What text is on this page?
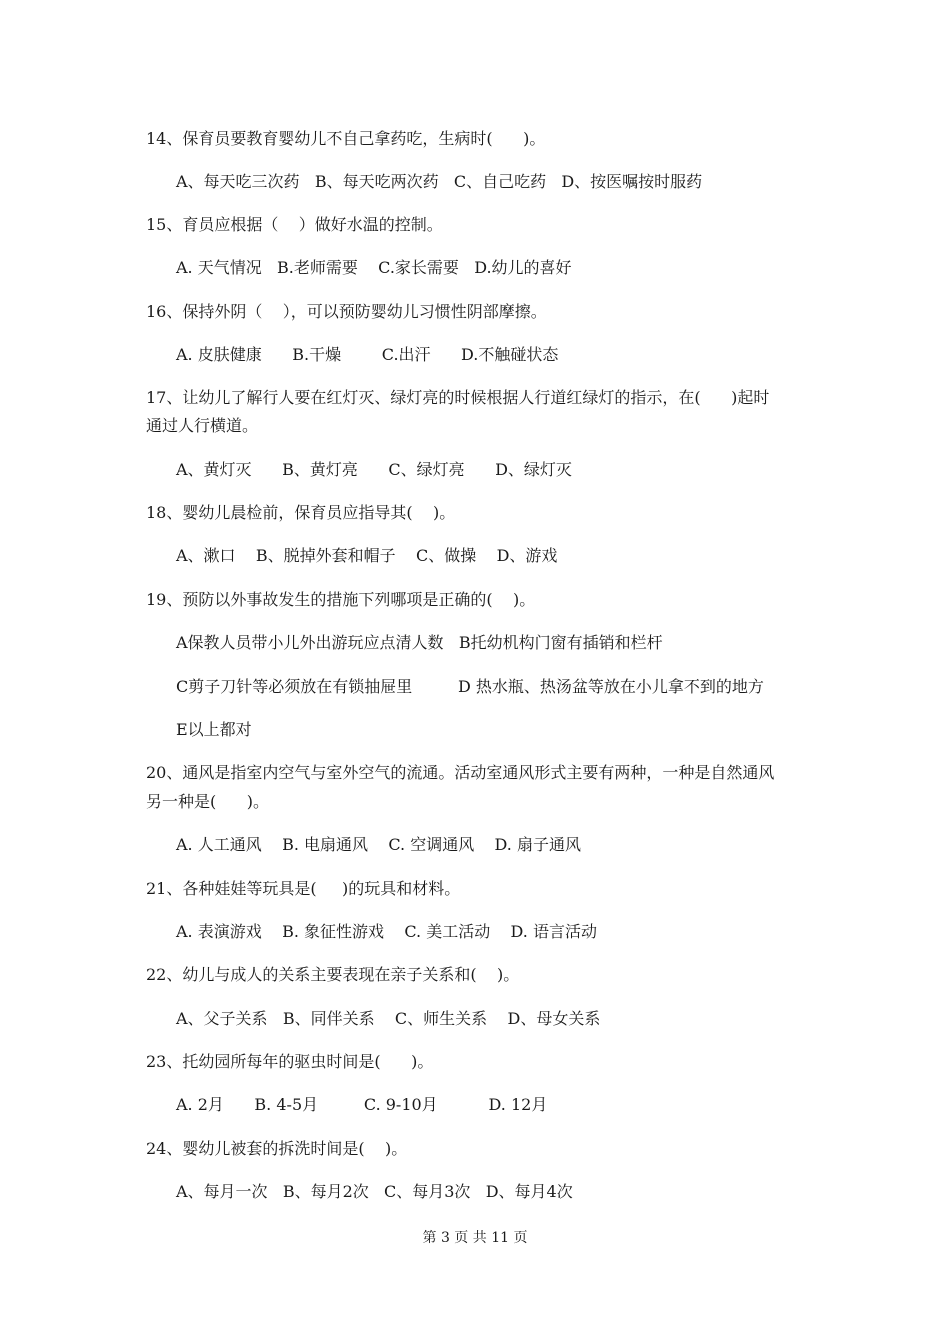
14、保育员要教育婴幼儿不自己拿药吃，生病时(      )。
A、每天吃三次药   B、每天吃两次药   C、自己吃药   D、按医嘱按时服药
15、育员应根据（    ）做好水温的控制。
A. 天气情况   B.老师需要    C.家长需要   D.幼儿的喜好
16、保持外阴（    ），可以预防婴幼儿习惯性阴部摩擦。
A. 皮肤健康      B.干燥        C.出汗      D.不触碰状态
17、让幼儿了解行人要在红灯灭、绿灯亮的时候根据人行道红绿灯的指示，在(      )起时
通过人行横道。
A、黄灯灭      B、黄灯亮      C、绿灯亮      D、绿灯灭
18、婴幼儿晨检前，保育员应指导其(    )。
A、漱口    B、脱掉外套和帽子    C、做操    D、游戏
19、预防以外事故发生的措施下列哪项是正确的(    )。
A保教人员带小儿外出游玩应点清人数   B托幼机构门窗有插销和栏杆
C剪子刀针等必须放在有锁抽屉里         D 热水瓶、热汤盆等放在小儿拿不到的地方
E以上都对
20、通风是指室内空气与室外空气的流通。活动室通风形式主要有两种，一种是自然通风
另一种是(      )。
A. 人工通风    B. 电扇通风    C. 空调通风    D. 扇子通风
21、各种娃娃等玩具是(     )的玩具和材料。
A. 表演游戏    B. 象征性游戏    C. 美工活动    D. 语言活动
22、幼儿与成人的关系主要表现在亲子关系和(    )。
A、父子关系   B、同伴关系    C、师生关系    D、母女关系
23、托幼园所每年的驱虫时间是(      )。
A. 2月      B. 4-5月         C. 9-10月          D. 12月
24、婴幼儿被套的拆洗时间是(    )。
A、每月一次   B、每月2次   C、每月3次   D、每月4次
第 3 页 共 11 页
